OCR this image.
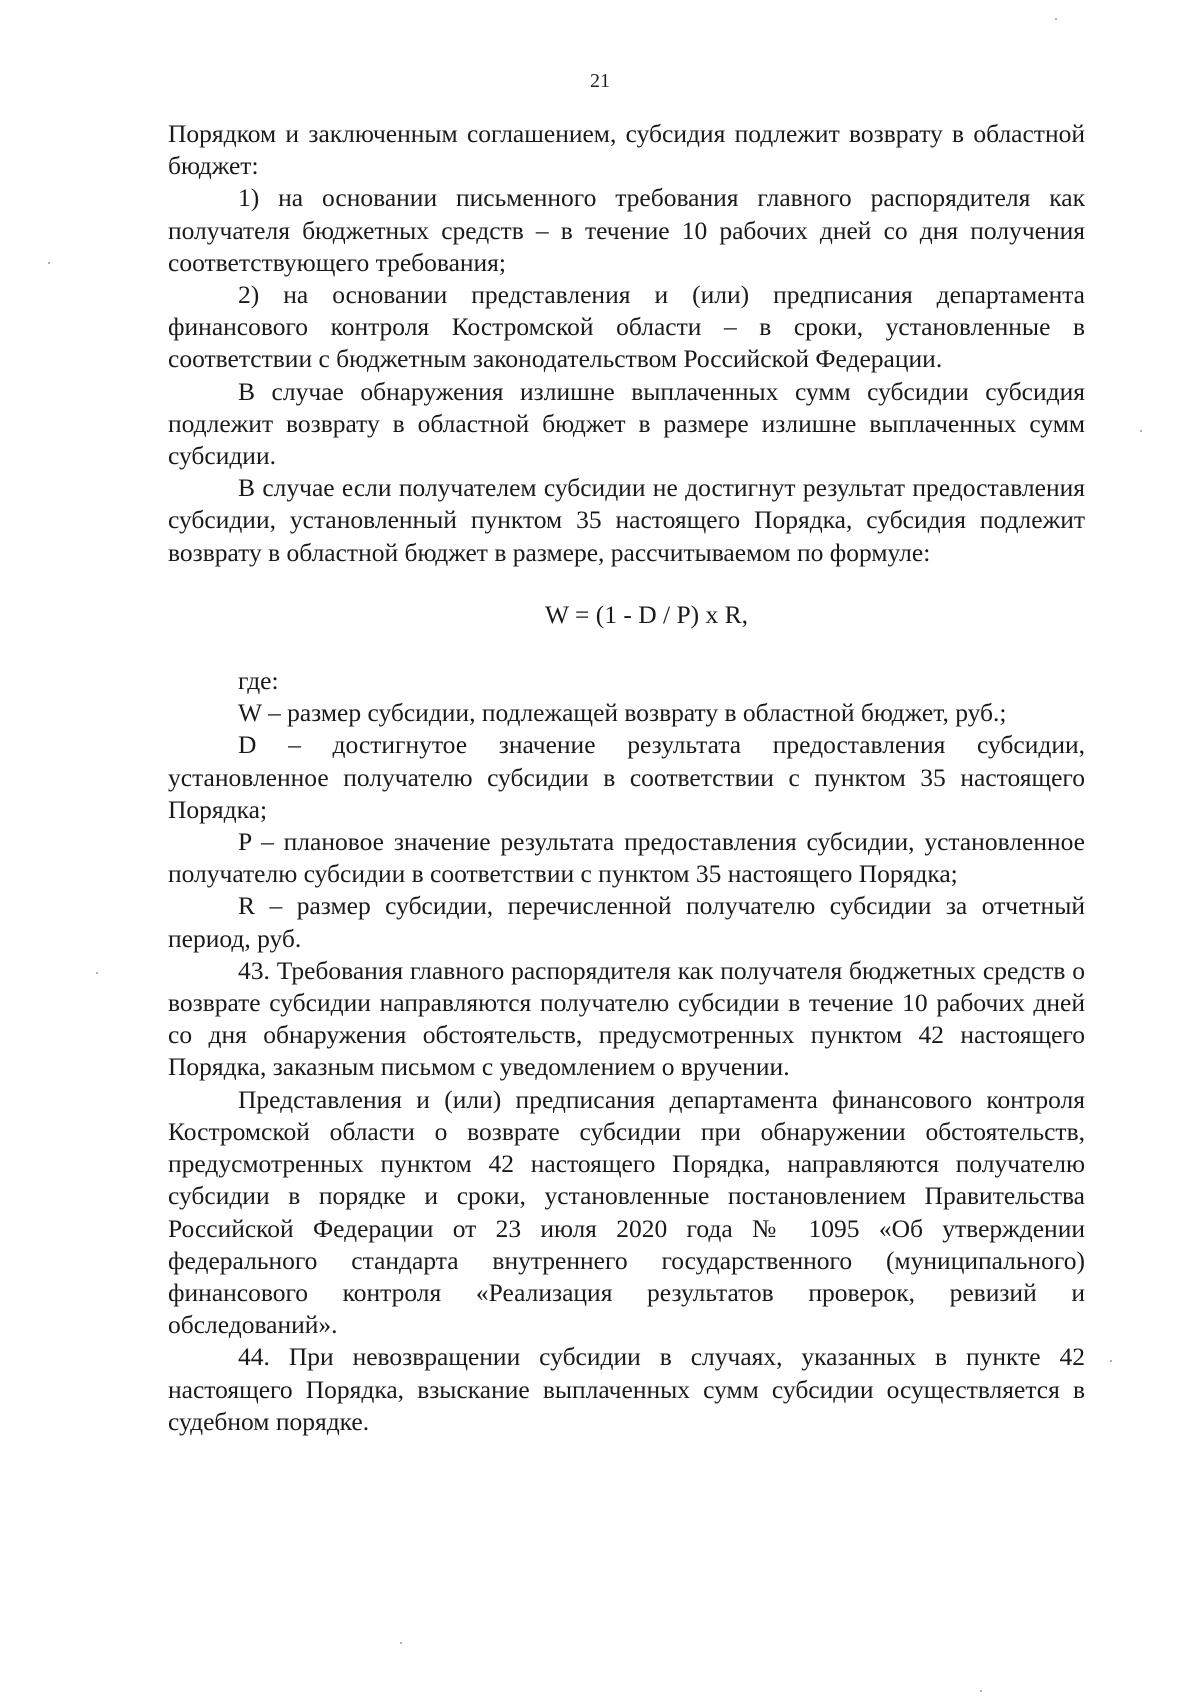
21

Порядком и заключенным соглашением, субсидия подлежит возврату в областной бюджет:

1) на основании письменного требования главного распорядителя как получателя бюджетных средств – в течение 10 рабочих дней со дня получения соответствующего требования;

2) на основании представления и (или) предписания департамента финансового контроля Костромской области – в сроки, установленные в соответствии с бюджетным законодательством Российской Федерации.

В случае обнаружения излишне выплаченных сумм субсидии субсидия подлежит возврату в областной бюджет в размере излишне выплаченных сумм субсидии.

В случае если получателем субсидии не достигнут результат предоставления субсидии, установленный пунктом 35 настоящего Порядка, субсидия подлежит возврату в областной бюджет в размере, рассчитываемом по формуле:

W = (1 - D / P) x R,

где:

W – размер субсидии, подлежащей возврату в областной бюджет, руб.;

D – достигнутое значение результата предоставления субсидии, установленное получателю субсидии в соответствии с пунктом 35 настоящего Порядка;

P – плановое значение результата предоставления субсидии, установленное получателю субсидии в соответствии с пунктом 35 настоящего Порядка;

R – размер субсидии, перечисленной получателю субсидии за отчетный период, руб.

43. Требования главного распорядителя как получателя бюджетных средств о возврате субсидии направляются получателю субсидии в течение 10 рабочих дней со дня обнаружения обстоятельств, предусмотренных пунктом 42 настоящего Порядка, заказным письмом с уведомлением о вручении.

Представления и (или) предписания департамента финансового контроля Костромской области о возврате субсидии при обнаружении обстоятельств, предусмотренных пунктом 42 настоящего Порядка, направляются получателю субсидии в порядке и сроки, установленные постановлением Правительства Российской Федерации от 23 июля 2020 года № 1095 «Об утверждении федерального стандарта внутреннего государственного (муниципального) финансового контроля «Реализация результатов проверок, ревизий и обследований».

44. При невозвращении субсидии в случаях, указанных в пункте 42 настоящего Порядка, взыскание выплаченных сумм субсидии осуществляется в судебном порядке.
